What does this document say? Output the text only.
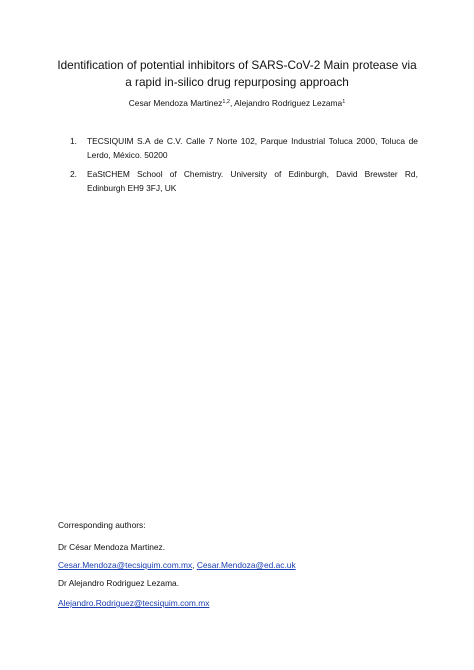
Identification of potential inhibitors of SARS-CoV-2 Main protease via
a rapid in-silico drug repurposing approach
Cesar Mendoza Martinez$^{1,2}$, Alejandro Rodriguez Lezama$^1$
1. TECSIQUIM S.A de C.V. Calle 7 Norte 102, Parque Industrial Toluca 2000, Toluca de
Lerdo, México. 50200
2. EaStCHEM School of Chemistry. University of Edinburgh, David Brewster Rd,
Edinburgh EH9 3FJ, UK
Corresponding authors:
Dr César Mendoza Martinez.
Cesar.Mendoza@tecsiquim.com.mx, Cesar.Mendoza@ed.ac.uk
Dr Alejandro Rodriguez Lezama.
Alejandro.Rodriguez@tecsiquim.com.mx
